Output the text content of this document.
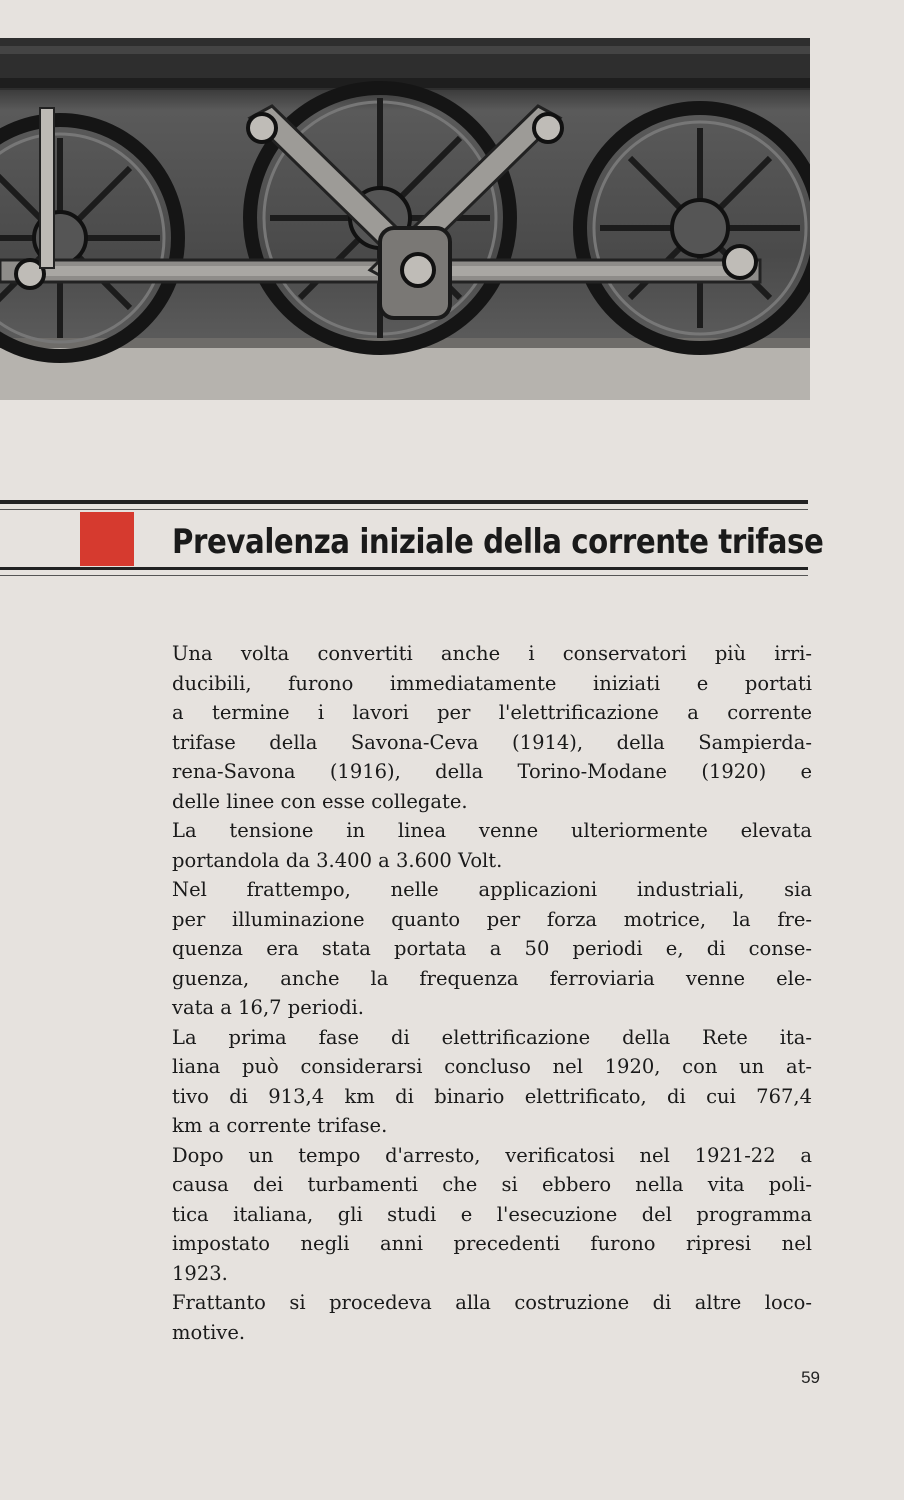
Prevalenza iniziale della corrente trifase
Una volta convertiti anche i conservatori più irri-
ducibili, furono immediatamente iniziati e portati
a termine i lavori per l'elettrificazione a corrente
trifase della Savona-Ceva (1914), della Sampierda-
rena-Savona (1916), della Torino-Modane (1920) e
delle linee con esse collegate.
La tensione in linea venne ulteriormente elevata
portandola da 3.400 a 3.600 Volt.
Nel frattempo, nelle applicazioni industriali, sia
per illuminazione quanto per forza motrice, la fre-
quenza era stata portata a 50 periodi e, di conse-
guenza, anche la frequenza ferroviaria venne ele-
vata a 16,7 periodi.
La prima fase di elettrificazione della Rete ita-
liana può considerarsi concluso nel 1920, con un at-
tivo di 913,4 km di binario elettrificato, di cui 767,4
km a corrente trifase.
Dopo un tempo d'arresto, verificatosi nel 1921-22 a
causa dei turbamenti che si ebbero nella vita poli-
tica italiana, gli studi e l'esecuzione del programma
impostato negli anni precedenti furono ripresi nel
1923.
Frattanto si procedeva alla costruzione di altre loco-
motive.
59
